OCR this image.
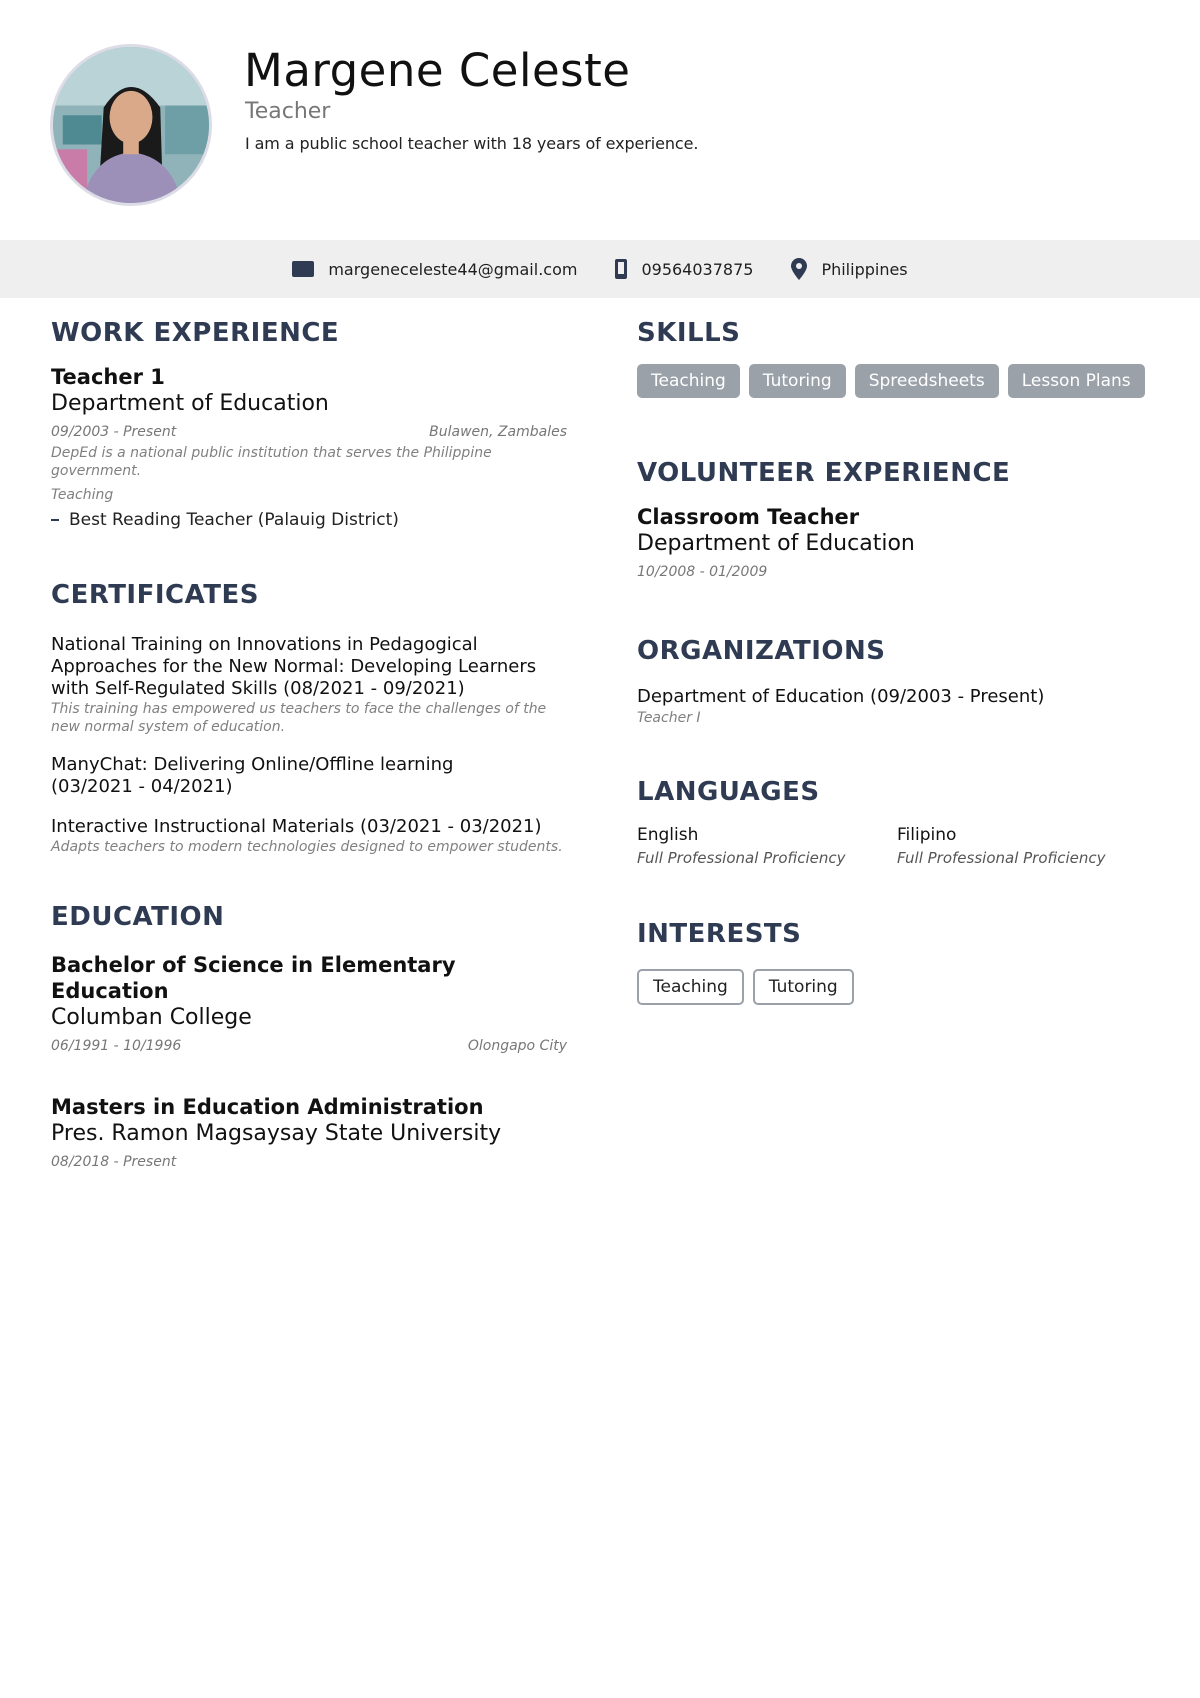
Margene Celeste
Teacher
I am a public school teacher with 18 years of experience.
margeneceleste44@gmail.com	09564037875	Philippines
WORK EXPERIENCE
Teacher 1
Department of Education
09/2003 - Present	Bulawen, Zambales
DepEd is a national public institution that serves the Philippine government.
Teaching
Best Reading Teacher (Palauig District)
CERTIFICATES
National Training on Innovations in Pedagogical Approaches for the New Normal: Developing Learners with Self-Regulated Skills (08/2021 - 09/2021)
This training has empowered us teachers to face the challenges of the new normal system of education.
ManyChat: Delivering Online/Offline learning (03/2021 - 04/2021)
Interactive Instructional Materials (03/2021 - 03/2021)
Adapts teachers to modern technologies designed to empower students.
EDUCATION
Bachelor of Science in Elementary Education
Columban College
06/1991 - 10/1996	Olongapo City
Masters in Education Administration
Pres. Ramon Magsaysay State University
08/2018 - Present
SKILLS
Teaching	Tutoring	Spreedsheets	Lesson Plans
VOLUNTEER EXPERIENCE
Classroom Teacher
Department of Education
10/2008 - 01/2009
ORGANIZATIONS
Department of Education (09/2003 - Present)
Teacher I
LANGUAGES
English
Full Professional Proficiency
Filipino
Full Professional Proficiency
INTERESTS
Teaching	Tutoring
